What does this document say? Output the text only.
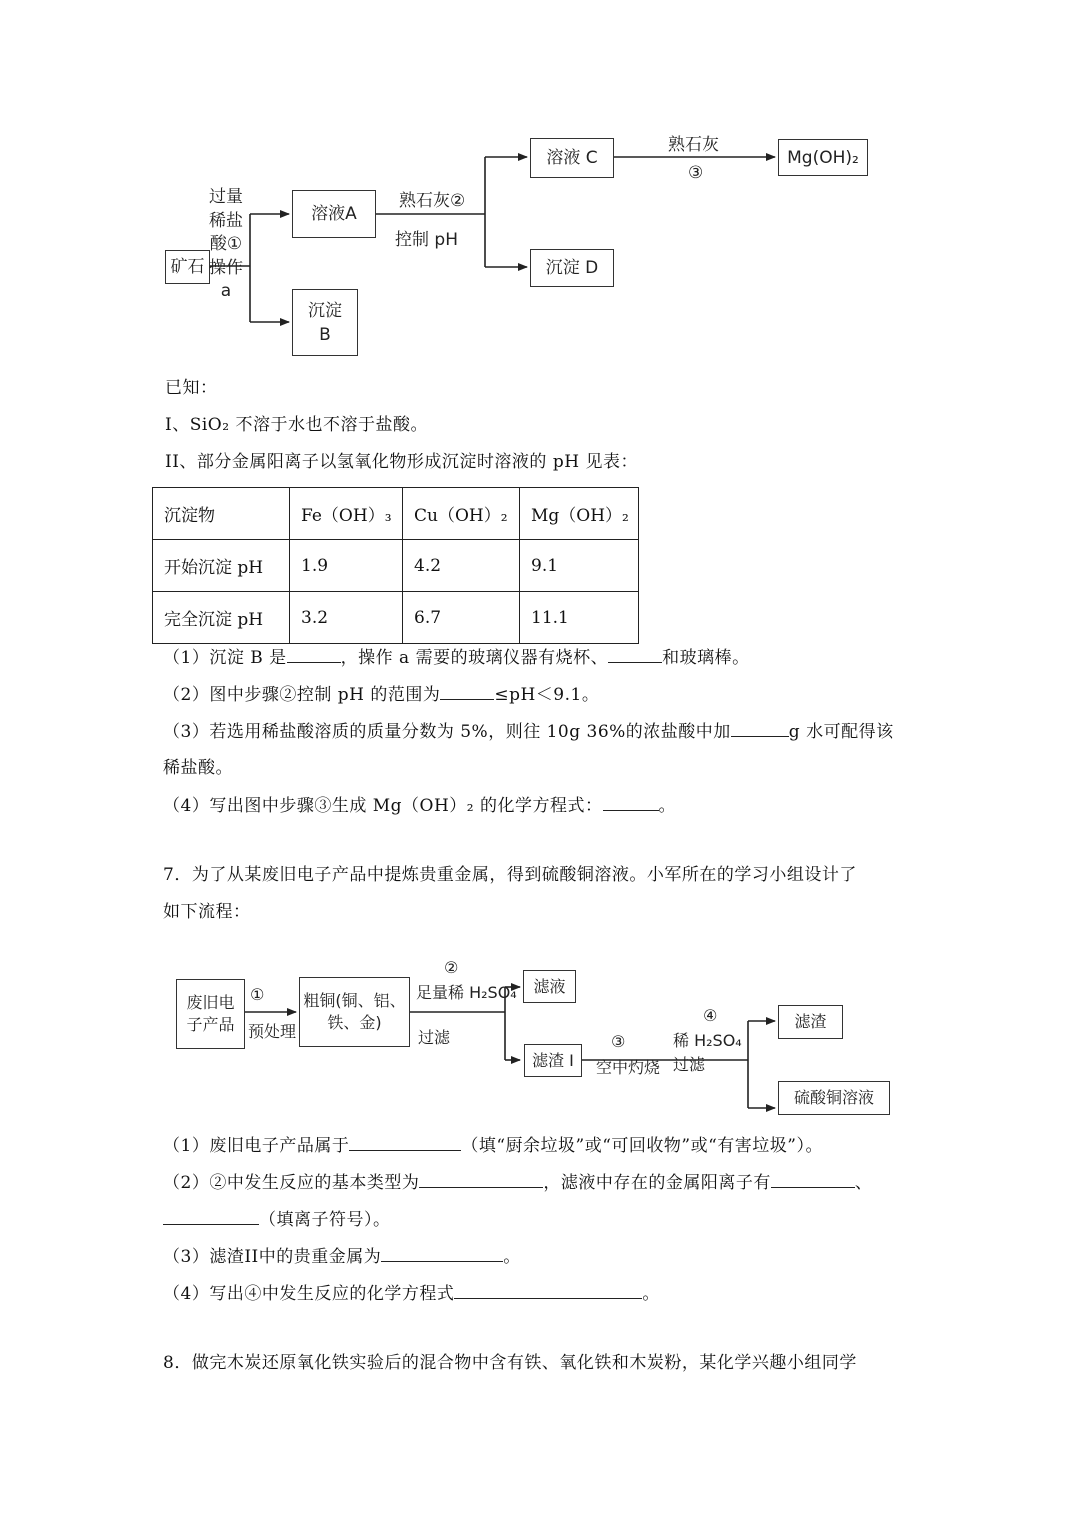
矿石
过量
稀盐
酸①
操作
a
溶液A
沉淀
B
熟石灰②
控制 pH
溶液 C
沉淀 D
熟石灰
③
Mg(OH)₂
已知：
I、SiO₂ 不溶于水也不溶于盐酸。
II、部分金属阳离子以氢氧化物形成沉淀时溶液的 pH 见表：
沉淀物	Fe（OH）₃	Cu（OH）₂	Mg（OH）₂
开始沉淀 pH	1.9	4.2	9.1
完全沉淀 pH	3.2	6.7	11.1
（1）沉淀 B 是	，操作 a 需要的玻璃仪器有烧杯、	和玻璃棒。
（2）图中步骤②控制 pH 的范围为	≤pH＜9.1。
（3）若选用稀盐酸溶质的质量分数为 5%，则往 10g 36%的浓盐酸中加	g 水可配得该
稀盐酸。
（4）写出图中步骤③生成 Mg（OH）₂ 的化学方程式：	。
7．为了从某废旧电子产品中提炼贵重金属，得到硫酸铜溶液。小军所在的学习小组设计了
如下流程：
废旧电
子产品
①
预处理
粗铜(铜、铝、
铁、金)
②
足量稀 H₂SO₄
过滤
滤液
滤渣 I
③
空中灼烧
④
稀 H₂SO₄
过滤
滤渣
硫酸铜溶液
（1）废旧电子产品属于	（填“厨余垃圾”或“可回收物”或“有害垃圾”）。
（2）②中发生反应的基本类型为	，滤液中存在的金属阳离子有	、
（填离子符号）。
（3）滤渣II中的贵重金属为	。
（4）写出④中发生反应的化学方程式	。
8．做完木炭还原氧化铁实验后的混合物中含有铁、氧化铁和木炭粉，某化学兴趣小组同学
